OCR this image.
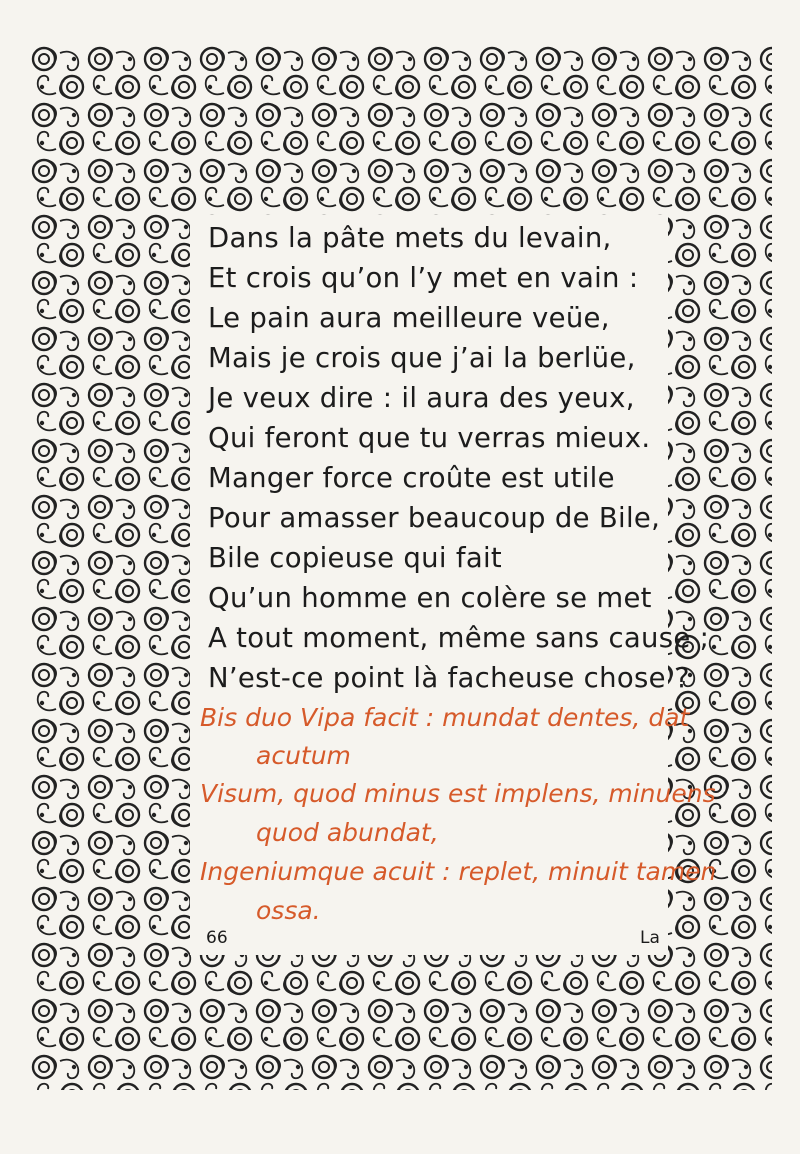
Dans la pâte mets du levain,
Et crois qu’on l’y met en vain :
Le pain aura meilleure veüe,
Mais je crois que j’ai la berlüe,
Je veux dire : il aura des yeux,
Qui feront que tu verras mieux.
Manger force croûte est utile
Pour amasser beaucoup de Bile,
Bile copieuse qui fait
Qu’un homme en colère se met
A tout moment, même sans cause ;
N’est-ce point là facheuse chose ?
Bis duo Vipa facit : mundat dentes, dat
acutum
Visum, quod minus est implens, minuens
quod abundat,
Ingeniumque acuit : replet, minuit tamen
ossa.
66	La
